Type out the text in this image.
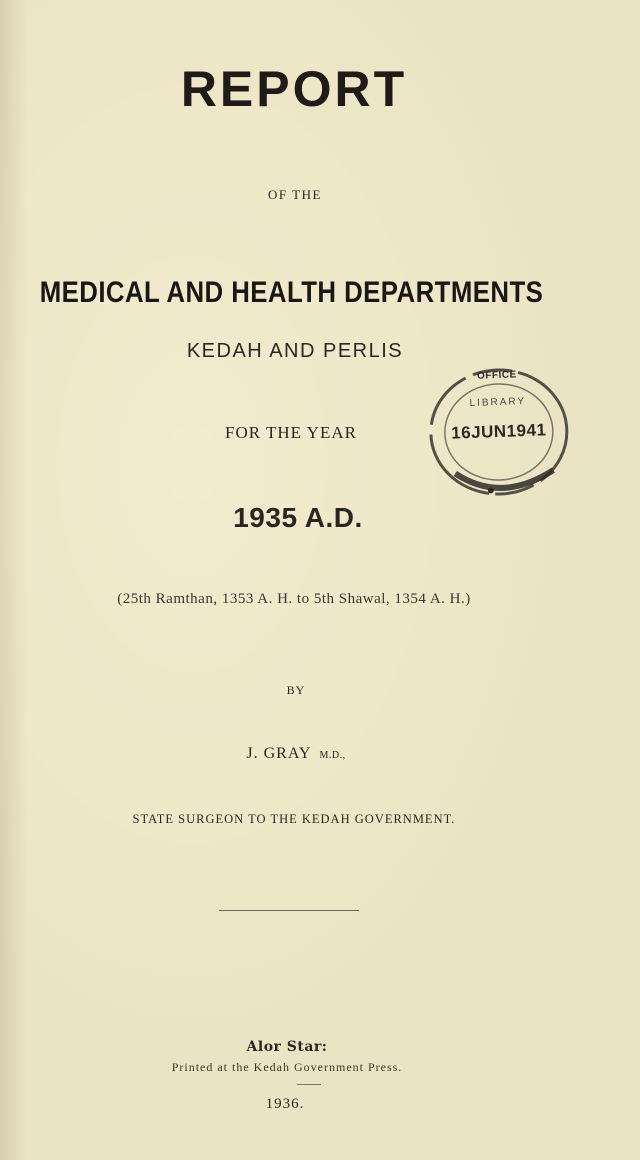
REPORT
OF THE
MEDICAL AND HEALTH DEPARTMENTS
KEDAH AND PERLIS
FOR THE YEAR
1935 A.D.
(25th Ramthan, 1353 A. H. to 5th Shawal, 1354 A. H.)
BY
J. GRAY M.D.,
STATE SURGEON TO THE KEDAH GOVERNMENT.
Alor Star:
Printed at the Kedah Government Press.
1936.
OFFICE
LIBRARY
16JUN1941
